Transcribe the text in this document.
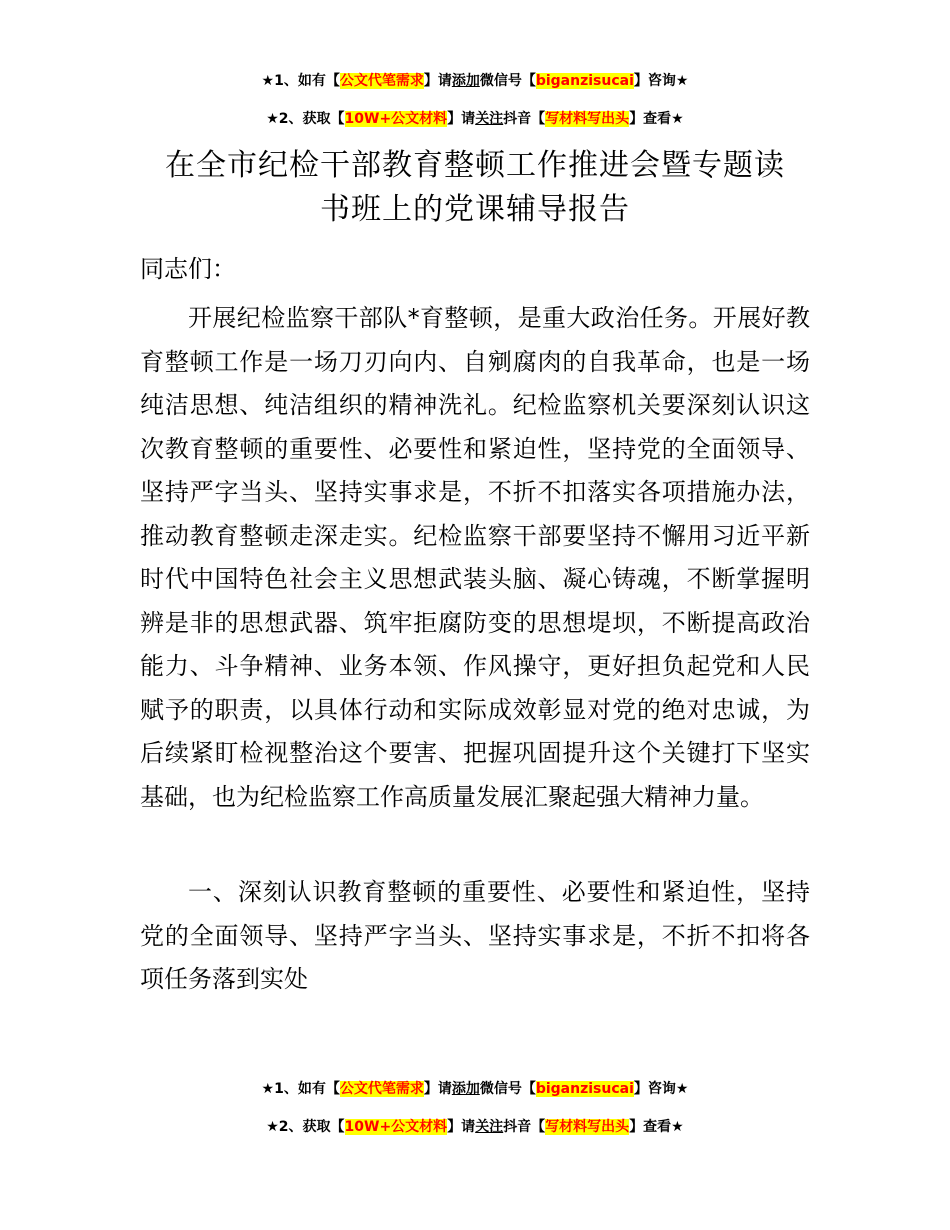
★1、如有【公文代笔需求】请添加微信号【biganzisucai】咨询★
★2、获取【10W+公文材料】请关注抖音【写材料写出头】查看★
在全市纪检干部教育整顿工作推进会暨专题读
书班上的党课辅导报告
同志们：

开展纪检监察干部队*育整顿，是重大政治任务。开展好教育整顿工作是一场刀刃向内、自剜腐肉的自我革命，也是一场纯洁思想、纯洁组织的精神洗礼。纪检监察机关要深刻认识这次教育整顿的重要性、必要性和紧迫性，坚持党的全面领导、坚持严字当头、坚持实事求是，不折不扣落实各项措施办法，推动教育整顿走深走实。纪检监察干部要坚持不懈用习近平新时代中国特色社会主义思想武装头脑、凝心铸魂，不断掌握明辨是非的思想武器、筑牢拒腐防变的思想堤坝，不断提高政治能力、斗争精神、业务本领、作风操守，更好担负起党和人民赋予的职责，以具体行动和实际成效彰显对党的绝对忠诚，为后续紧盯检视整治这个要害、把握巩固提升这个关键打下坚实基础，也为纪检监察工作高质量发展汇聚起强大精神力量。

一、深刻认识教育整顿的重要性、必要性和紧迫性，坚持党的全面领导、坚持严字当头、坚持实事求是，不折不扣将各项任务落到实处

★1、如有【公文代笔需求】请添加微信号【biganzisucai】咨询★
★2、获取【10W+公文材料】请关注抖音【写材料写出头】查看★
